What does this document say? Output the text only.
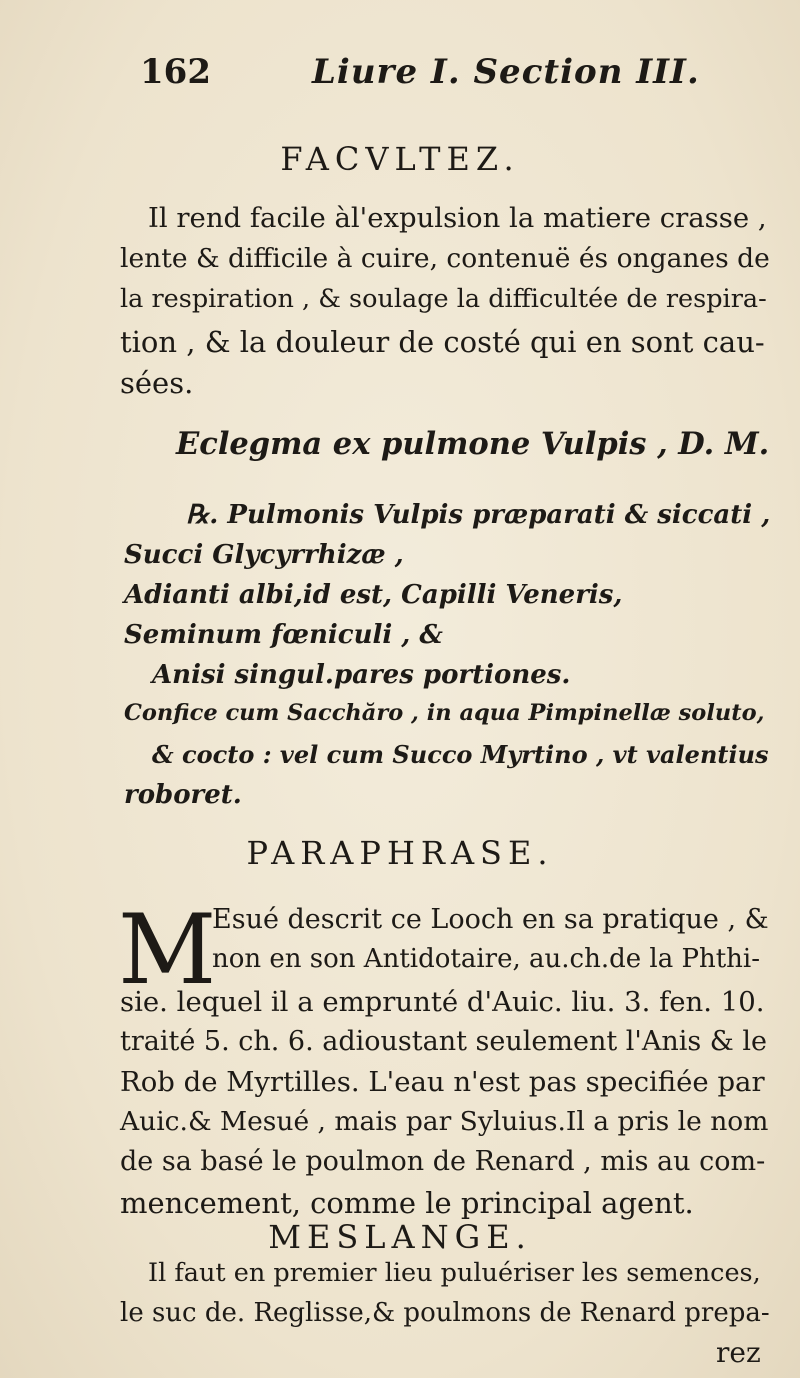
162	Liure I. Section III.
FACVLTEZ.
Il rend facile àl'expulsion la matiere crasse ,
lente & difficile à cuire, contenuë és onganes de
la respiration , & soulage la difficultée de respira-
tion , & la douleur de costé qui en sont cau-
sées.
Eclegma ex pulmone Vulpis , D. M.
℞. Pulmonis Vulpis præparati & siccati ,
Succi Glycyrrhizæ ,
Adianti albi,id est, Capilli Veneris,
Seminum fœniculi , &
Anisi singul.pares portiones.
Confice cum Sacchăro , in aqua Pimpinellæ soluto,
& cocto : vel cum Succo Myrtino , vt valentius
roboret.
PARAPHRASE.
M
Esué descrit ce Looch en sa pratique , &
non en son Antidotaire, au.ch.de la Phthi-
sie. lequel il a emprunté d'Auic. liu. 3. fen. 10.
traité 5. ch. 6. adioustant seulement l'Anis & le
Rob de Myrtilles. L'eau n'est pas specifiée par
Auic.& Mesué , mais par Syluius.Il a pris le nom
de sa basé le poulmon de Renard , mis au com-
mencement, comme le principal agent.
MESLANGE.
Il faut en premier lieu puluériser les semences,
le suc de. Reglisse,& poulmons de Renard prepa-
rez
